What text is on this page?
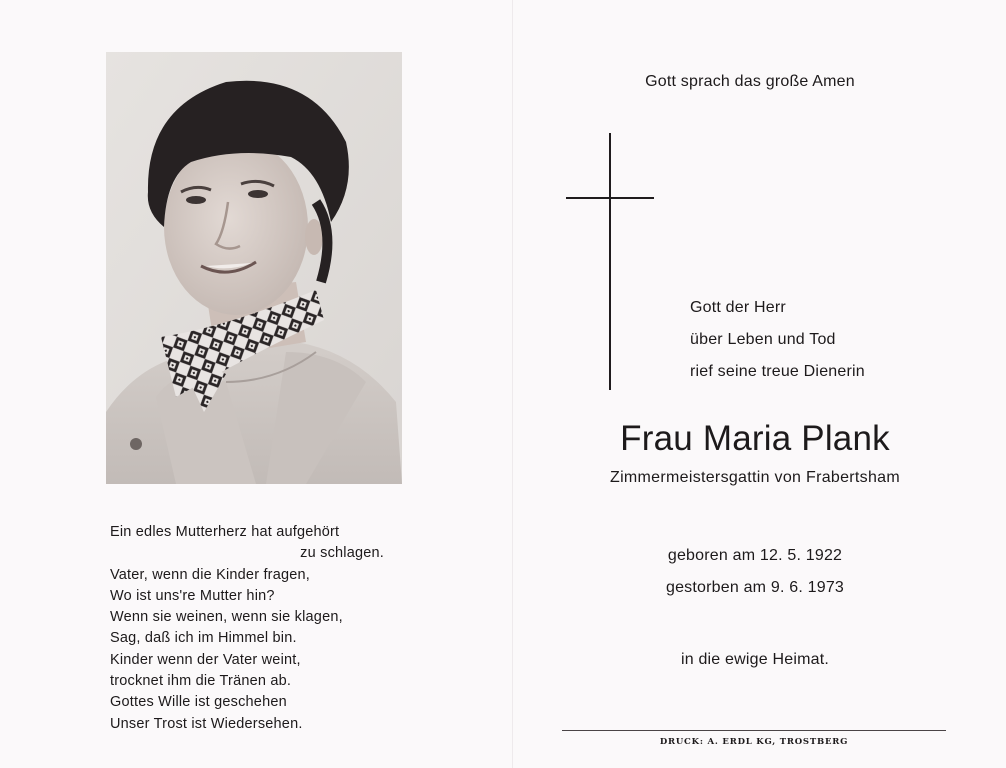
Ein edles Mutterherz hat aufgehört
zu schlagen.
Vater, wenn die Kinder fragen,
Wo ist uns're Mutter hin?
Wenn sie weinen, wenn sie klagen,
Sag, daß ich im Himmel bin.
Kinder wenn der Vater weint,
trocknet ihm die Tränen ab.
Gottes Wille ist geschehen
Unser Trost ist Wiedersehen.
Gott sprach das große Amen
Gott der Herr
über Leben und Tod
rief seine treue Dienerin
Frau Maria Plank
Zimmermeistersgattin von Frabertsham
geboren am 12. 5. 1922
gestorben am 9. 6. 1973
in die ewige Heimat.
DRUCK: A. ERDL KG, TROSTBERG
